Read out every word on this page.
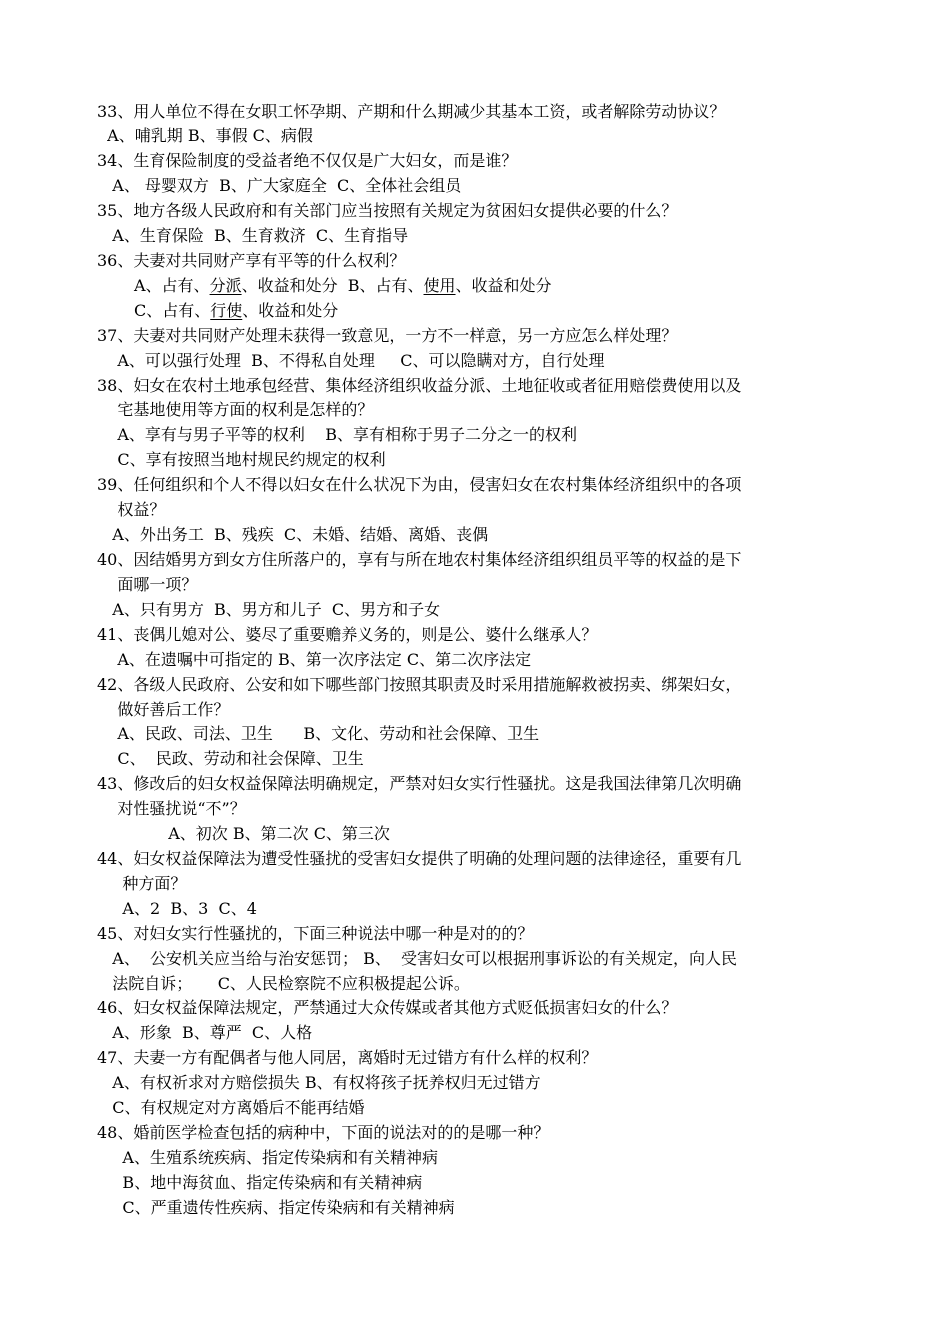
33、用人单位不得在女职工怀孕期、产期和什么期减少其基本工资，或者解除劳动协议？
A、哺乳期 B、事假 C、病假
34、生育保险制度的受益者绝不仅仅是广大妇女，而是谁？
A、 母婴双方  B、广大家庭全  C、全体社会组员
35、地方各级人民政府和有关部门应当按照有关规定为贫困妇女提供必要的什么？
A、生育保险  B、生育救济  C、生育指导
36、夫妻对共同财产享有平等的什么权利？
A、占有、分派、收益和处分  B、占有、使用、收益和处分
C、占有、行使、收益和处分
37、夫妻对共同财产处理未获得一致意见，一方不一样意，另一方应怎么样处理？
A、可以强行处理  B、不得私自处理     C、可以隐瞒对方，自行处理
38、妇女在农村土地承包经营、集体经济组织收益分派、土地征收或者征用赔偿费使用以及
宅基地使用等方面的权利是怎样的？
A、享有与男子平等的权利    B、享有相称于男子二分之一的权利
C、享有按照当地村规民约规定的权利
39、任何组织和个人不得以妇女在什么状况下为由，侵害妇女在农村集体经济组织中的各项
权益？
A、外出务工  B、残疾  C、未婚、结婚、离婚、丧偶
40、因结婚男方到女方住所落户的，享有与所在地农村集体经济组织组员平等的权益的是下
面哪一项？
A、只有男方  B、男方和儿子  C、男方和子女
41、丧偶儿媳对公、婆尽了重要赡养义务的，则是公、婆什么继承人？
A、在遗嘱中可指定的 B、第一次序法定 C、第二次序法定
42、各级人民政府、公安和如下哪些部门按照其职责及时采用措施解救被拐卖、绑架妇女，
做好善后工作？
A、民政、司法、卫生      B、文化、劳动和社会保障、卫生
C、  民政、劳动和社会保障、卫生
43、修改后的妇女权益保障法明确规定，严禁对妇女实行性骚扰。这是我国法律第几次明确
对性骚扰说“不”？
A、初次 B、第二次 C、第三次
44、妇女权益保障法为遭受性骚扰的受害妇女提供了明确的处理问题的法律途径，重要有几
种方面？
A、2  B、3  C、4
45、对妇女实行性骚扰的，下面三种说法中哪一种是对的的？
A、  公安机关应当给与治安惩罚； B、  受害妇女可以根据刑事诉讼的有关规定，向人民
法院自诉；     C、人民检察院不应积极提起公诉。
46、妇女权益保障法规定，严禁通过大众传媒或者其他方式贬低损害妇女的什么？
A、形象  B、尊严  C、人格
47、夫妻一方有配偶者与他人同居，离婚时无过错方有什么样的权利？
A、有权祈求对方赔偿损失 B、有权将孩子抚养权归无过错方
C、有权规定对方离婚后不能再结婚
48、婚前医学检查包括的病种中，下面的说法对的的是哪一种？
A、生殖系统疾病、指定传染病和有关精神病
B、地中海贫血、指定传染病和有关精神病
C、严重遗传性疾病、指定传染病和有关精神病
